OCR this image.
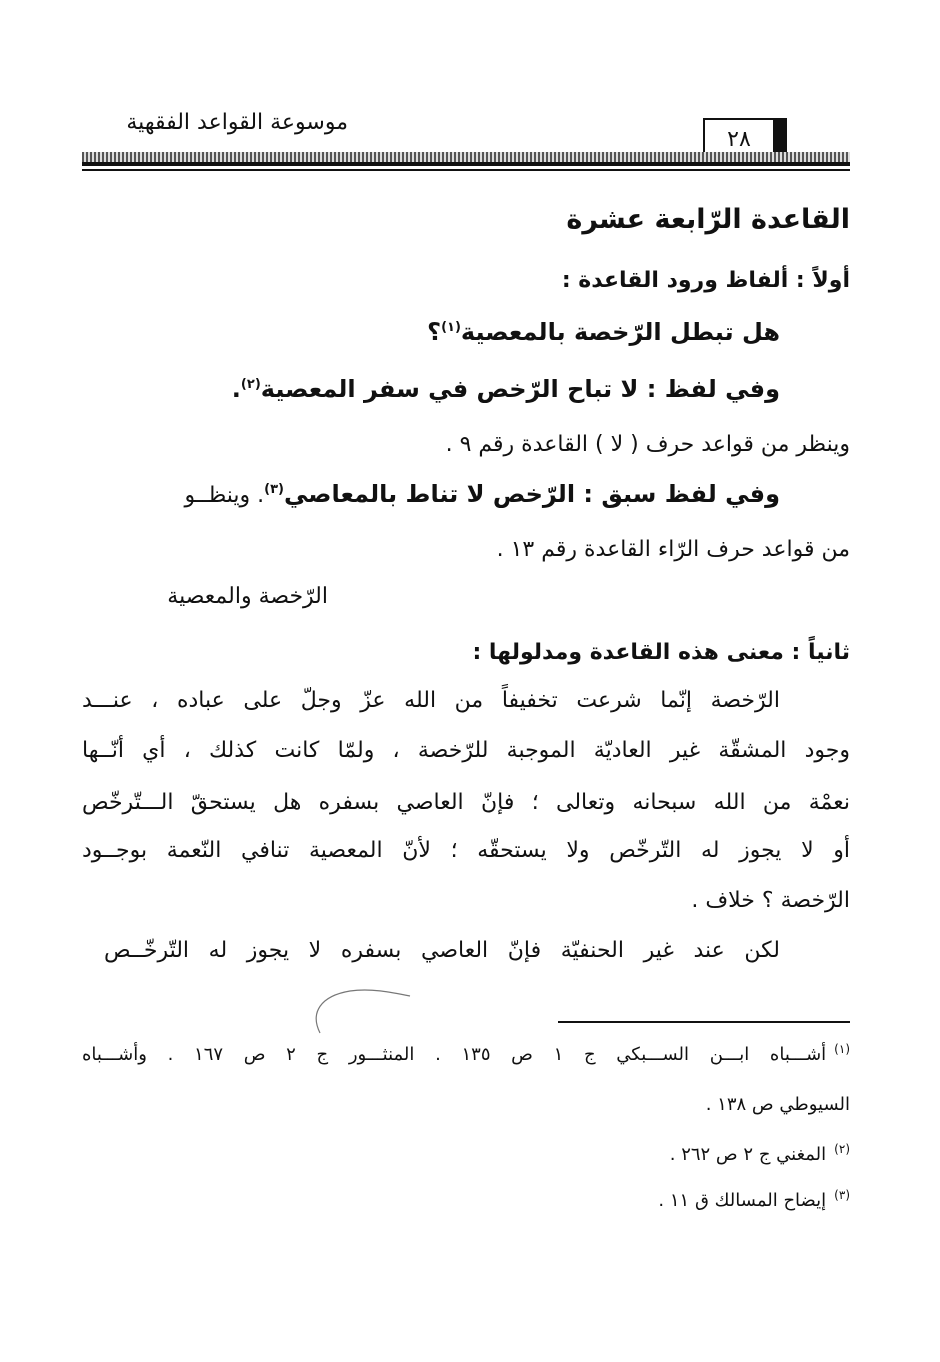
موسوعة القواعد الفقهية
٢٨
القاعدة الرّابعة عشرة
أولاً : ألفاظ ورود القاعدة :
هل تبطل الرّخصة بالمعصية$^{(١)}$؟
وفي لفظ : لا تباح الرّخص في سفر المعصية$^{(٢)}$.
وينظر من قواعد حرف ( لا ) القاعدة رقم ٩ .
وفي لفظ سبق : الرّخص لا تناط بالمعاصي$^{(٣)}$. وينظــو
من قواعد حرف الرّاء القاعدة رقم ١٣ .
الرّخصة والمعصية
ثانياً : معنى هذه القاعدة ومدلولها :
الرّخصة إنّما شرعت تخفيفاً من الله عزّ وجلّ على عباده ، عنـــد
وجود المشقّة غير العاديّة الموجبة للرّخصة ، ولمّا كانت كذلك ، أي أنّــها
نعمْة من الله سبحانه وتعالى ؛ فإنّ العاصي بسفره هل يستحقّ الـــتّرخّص
أو لا يجوز له التّرخّص ولا يستحقّه ؛ لأنّ المعصية تنافي النّعمة بوجــود
الرّخصة ؟ خلاف .
لكن عند غير الحنفيّة فإنّ العاصي بسفره لا يجوز له التّرخّــص
$^{(١)}$أشـــباه ابـــن الســـبكي ج ١ ص ١٣٥ . المنثـــور ج ٢ ص ١٦٧ . وأشـــباه
السيوطي ص ١٣٨ .
$^{(٢)}$المغني ج ٢ ص ٢٦٢ .
$^{(٣)}$إيضاح المسالك ق ١١ .
